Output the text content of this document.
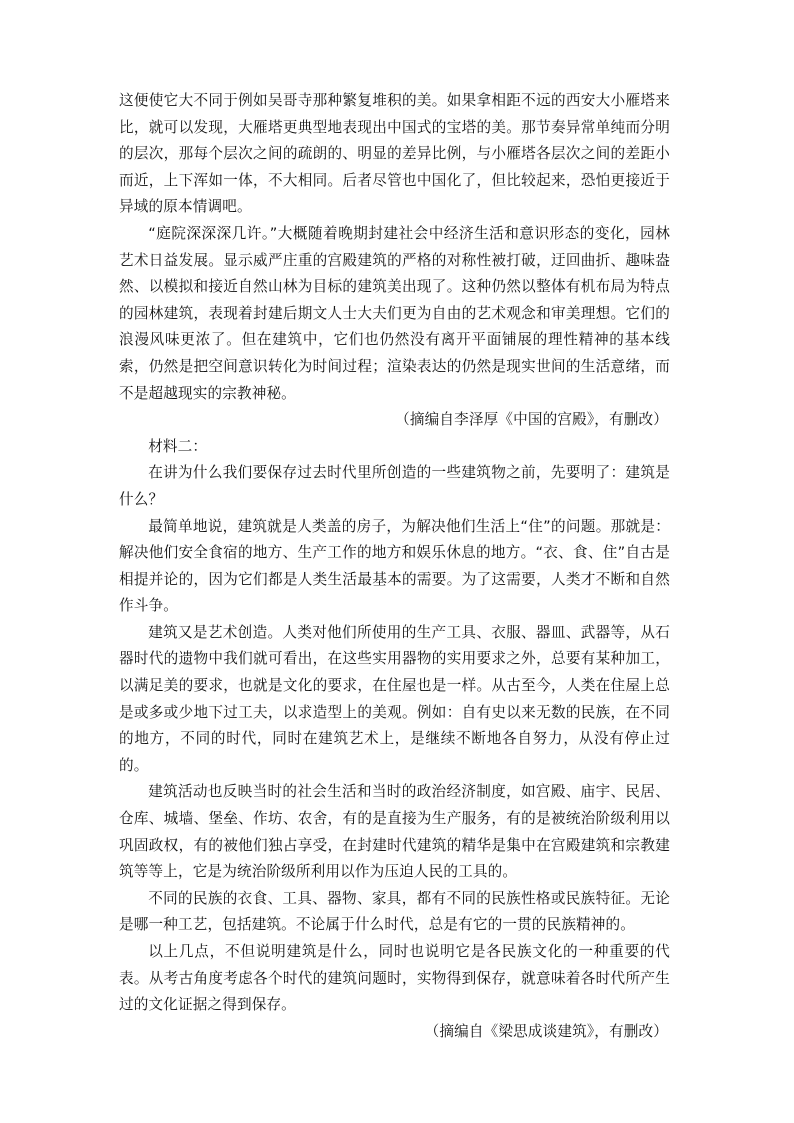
这便使它大不同于例如吴哥寺那种繁复堆积的美。如果拿相距不远的西安大小雁塔来比，就可以发现，大雁塔更典型地表现出中国式的宝塔的美。那节奏异常单纯而分明的层次，那每个层次之间的疏朗的、明显的差异比例，与小雁塔各层次之间的差距小而近，上下浑如一体，不大相同。后者尽管也中国化了，但比较起来，恐怕更接近于异域的原本情调吧。

“庭院深深深几许。”大概随着晚期封建社会中经济生活和意识形态的变化，园林艺术日益发展。显示威严庄重的宫殿建筑的严格的对称性被打破，迂回曲折、趣味盎然、以模拟和接近自然山林为目标的建筑美出现了。这种仍然以整体有机布局为特点的园林建筑，表现着封建后期文人士大夫们更为自由的艺术观念和审美理想。它们的浪漫风味更浓了。但在建筑中，它们也仍然没有离开平面铺展的理性精神的基本线索，仍然是把空间意识转化为时间过程；渲染表达的仍然是现实世间的生活意绪，而不是超越现实的宗教神秘。

（摘编自李泽厚《中国的宫殿》，有删改）

材料二：

在讲为什么我们要保存过去时代里所创造的一些建筑物之前，先要明了：建筑是什么？

最简单地说，建筑就是人类盖的房子，为解决他们生活上“住”的问题。那就是：解决他们安全食宿的地方、生产工作的地方和娱乐休息的地方。“衣、食、住”自古是相提并论的，因为它们都是人类生活最基本的需要。为了这需要，人类才不断和自然作斗争。

建筑又是艺术创造。人类对他们所使用的生产工具、衣服、器皿、武器等，从石器时代的遗物中我们就可看出，在这些实用器物的实用要求之外，总要有某种加工，以满足美的要求，也就是文化的要求，在住屋也是一样。从古至今，人类在住屋上总是或多或少地下过工夫，以求造型上的美观。例如：自有史以来无数的民族，在不同的地方，不同的时代，同时在建筑艺术上，是继续不断地各自努力，从没有停止过的。

建筑活动也反映当时的社会生活和当时的政治经济制度，如宫殿、庙宇、民居、仓库、城墙、堡垒、作坊、农舍，有的是直接为生产服务，有的是被统治阶级利用以巩固政权，有的被他们独占享受，在封建时代建筑的精华是集中在宫殿建筑和宗教建筑等等上，它是为统治阶级所利用以作为压迫人民的工具的。

不同的民族的衣食、工具、器物、家具，都有不同的民族性格或民族特征。无论是哪一种工艺，包括建筑。不论属于什么时代，总是有它的一贯的民族精神的。

以上几点，不但说明建筑是什么，同时也说明它是各民族文化的一种重要的代表。从考古角度考虑各个时代的建筑问题时，实物得到保存，就意味着各时代所产生过的文化证据之得到保存。

（摘编自《梁思成谈建筑》，有删改）
